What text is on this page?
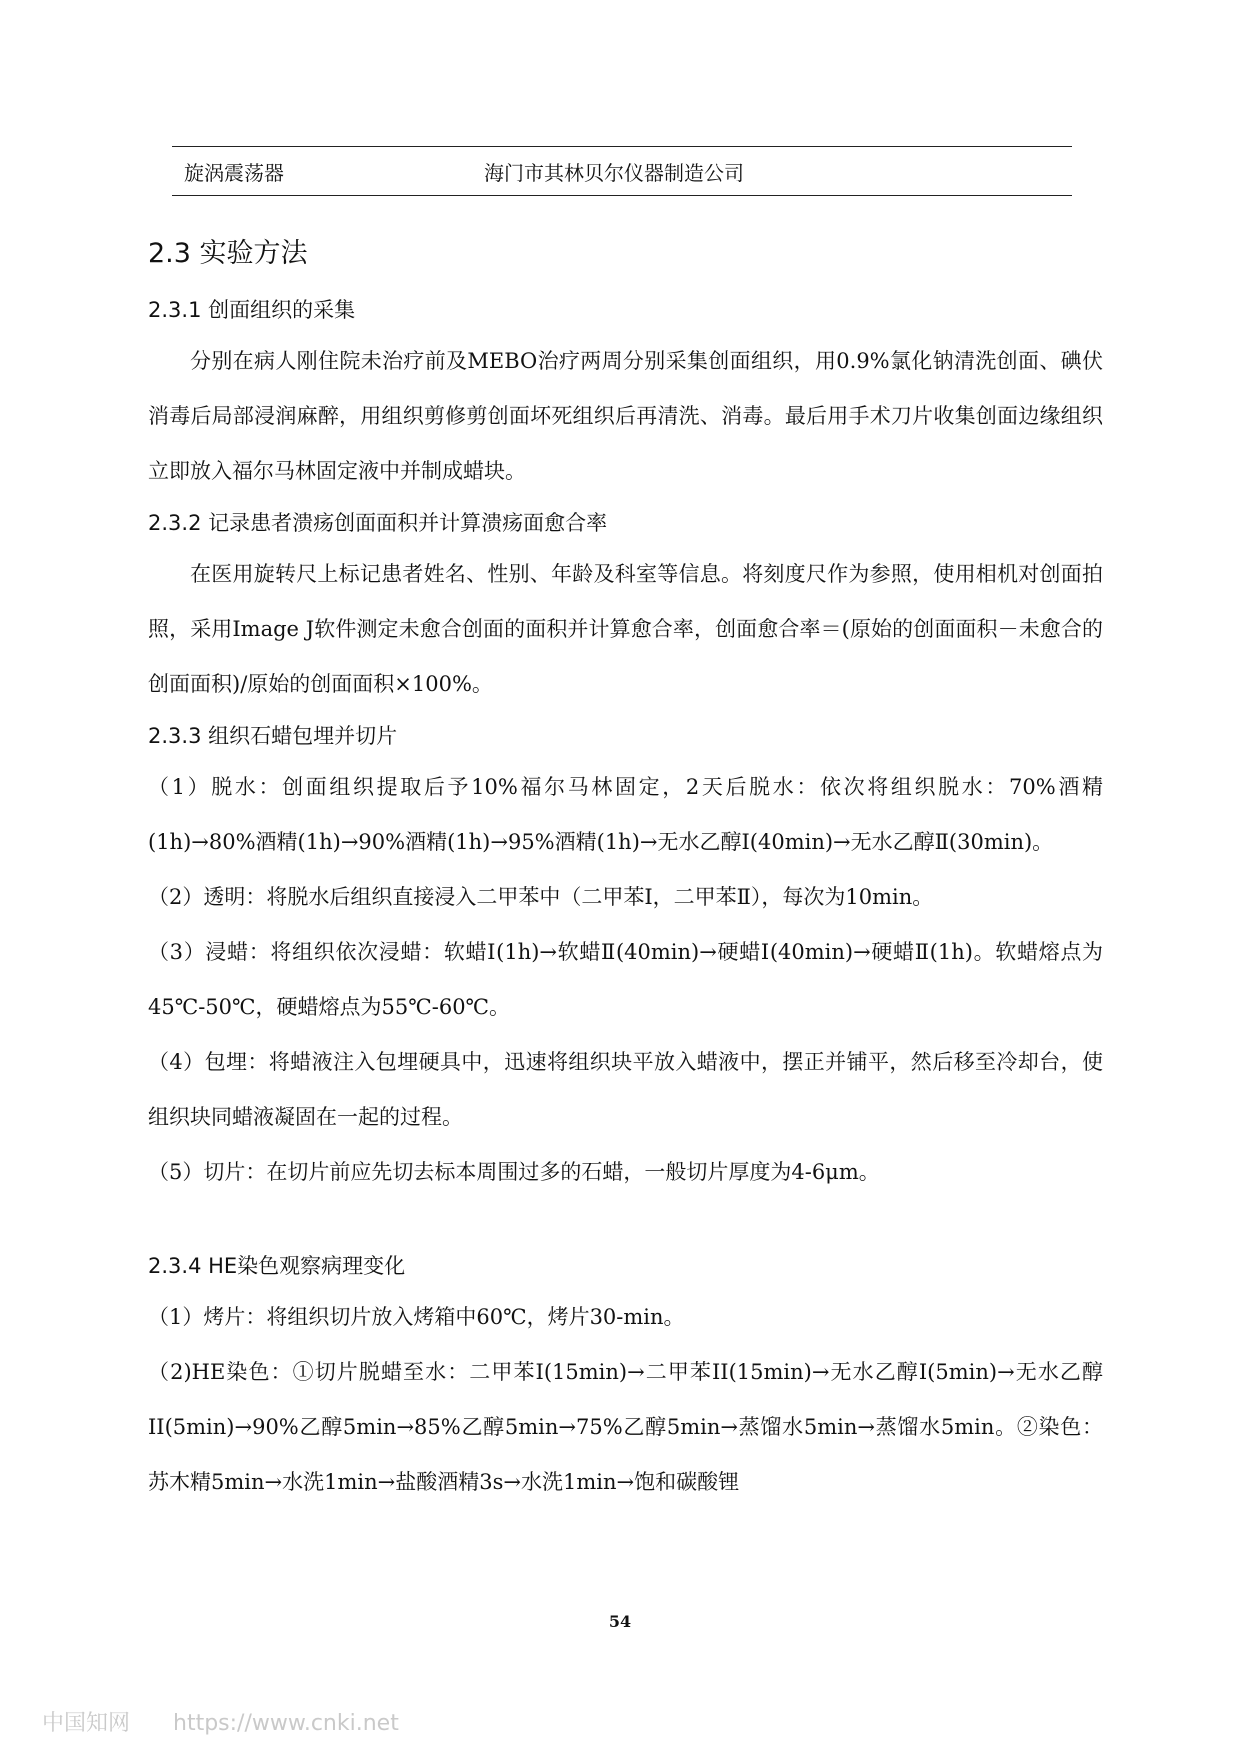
旋涡震荡器	海门市其林贝尔仪器制造公司
2.3 实验方法
2.3.1 创面组织的采集
分别在病人刚住院未治疗前及MEBO治疗两周分别采集创面组织，用0.9%氯化钠清洗创面、碘伏消毒后局部浸润麻醉，用组织剪修剪创面坏死组织后再清洗、消毒。最后用手术刀片收集创面边缘组织立即放入福尔马林固定液中并制成蜡块。
2.3.2 记录患者溃疡创面面积并计算溃疡面愈合率
在医用旋转尺上标记患者姓名、性别、年龄及科室等信息。将刻度尺作为参照，使用相机对创面拍照，采用Image J软件测定未愈合创面的面积并计算愈合率，创面愈合率＝(原始的创面面积－未愈合的创面面积)/原始的创面面积×100%。
2.3.3 组织石蜡包埋并切片
（1）脱水：创面组织提取后予10%福尔马林固定，2天后脱水：依次将组织脱水：70%酒精(1h)→80%酒精(1h)→90%酒精(1h)→95%酒精(1h)→无水乙醇Ⅰ(40min)→无水乙醇Ⅱ(30min)。
（2）透明：将脱水后组织直接浸入二甲苯中（二甲苯Ⅰ，二甲苯Ⅱ），每次为10min。
（3）浸蜡：将组织依次浸蜡：软蜡Ⅰ(1h)→软蜡Ⅱ(40min)→硬蜡Ⅰ(40min)→硬蜡Ⅱ(1h)。软蜡熔点为45℃-50℃，硬蜡熔点为55℃-60℃。
（4）包埋：将蜡液注入包埋硬具中，迅速将组织块平放入蜡液中，摆正并铺平，然后移至冷却台，使组织块同蜡液凝固在一起的过程。
（5）切片：在切片前应先切去标本周围过多的石蜡，一般切片厚度为4-6μm。
2.3.4 HE染色观察病理变化
（1）烤片：将组织切片放入烤箱中60℃，烤片30-min。
（2)HE染色：①切片脱蜡至水：二甲苯I(15min)→二甲苯II(15min)→无水乙醇I(5min)→无水乙醇II(5min)→90%乙醇5min→85%乙醇5min→75%乙醇5min→蒸馏水5min→蒸馏水5min。②染色：苏木精5min→水洗1min→盐酸酒精3s→水洗1min→饱和碳酸锂
54
中国知网 https://www.cnki.net
